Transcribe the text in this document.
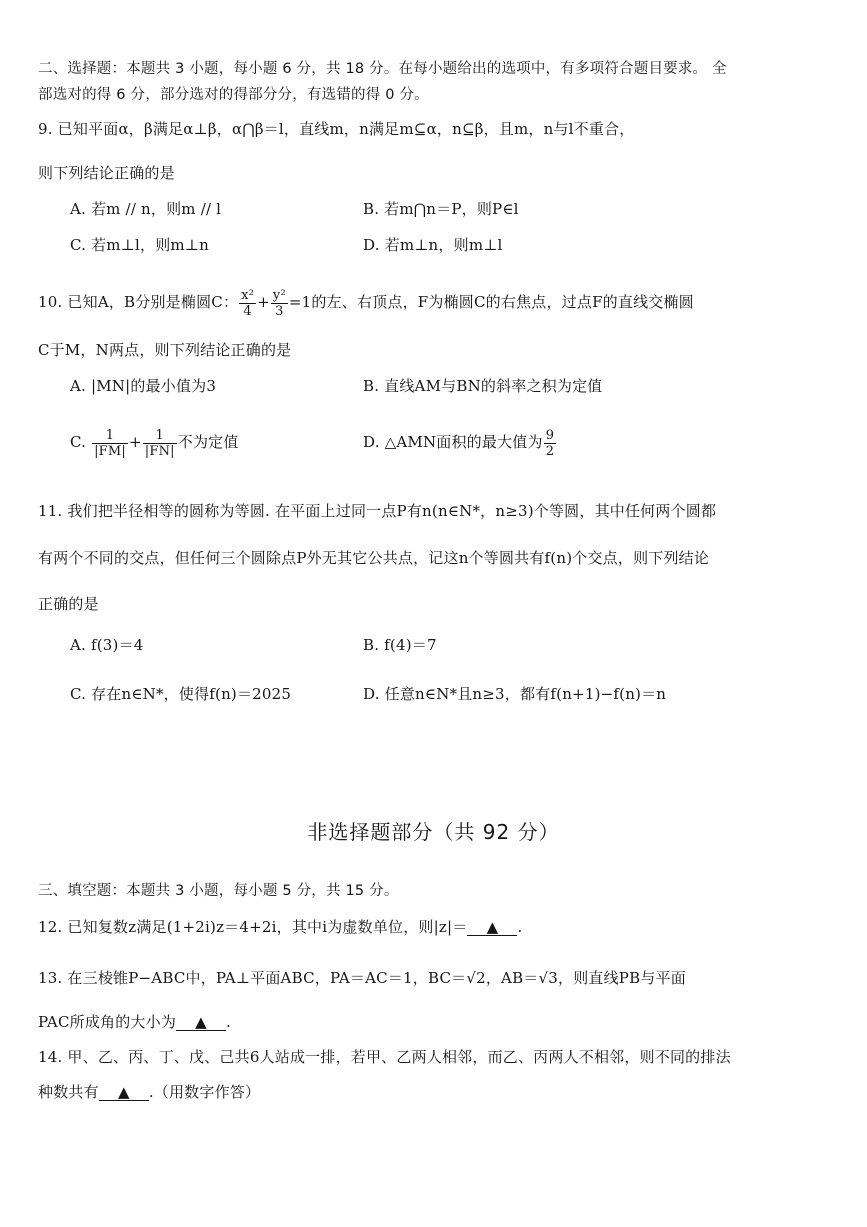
二、选择题：本题共 3 小题，每小题 6 分，共 18 分。在每小题给出的选项中，有多项符合题目要求。 全
部选对的得 6 分，部分选对的得部分分，有选错的得 0 分。
9. 已知平面α，β满足α⊥β，α⋂β＝l，直线m，n满足m⊆α，n⊆β，且m，n与l不重合，
则下列结论正确的是
A. 若m // n，则m // l	B. 若m⋂n＝P，则P∈l
C. 若m⊥l，则m⊥n	D. 若m⊥n，则m⊥l
10. 已知A，B分别是椭圆C： $\frac{\text{x²}}{4} + \frac{\text{y²}}{3} =1$的左、右顶点，F为椭圆C的右焦点，过点F的直线交椭圆
C于M，N两点，则下列结论正确的是
A. |MN|的最小值为3	B. 直线AM与BN的斜率之积为定值
C. $\frac{1}{|FM|} + \frac{1}{|FN|}$ 不为定值	D. △AMN面积的最大值为 $\frac{9}{2}$
11. 我们把半径相等的圆称为等圆. 在平面上过同一点P有n(n∈N*，n≥3)个等圆，其中任何两个圆都
有两个不同的交点，但任何三个圆除点P外无其它公共点，记这n个等圆共有f(n)个交点，则下列结论
正确的是
A. f(3)＝4	B. f(4)＝7
C. 存在n∈N*，使得f(n)＝2025	D. 任意n∈N*且n≥3，都有f(n+1)−f(n)＝n
非选择题部分（共 92 分）
三、填空题：本题共 3 小题，每小题 5 分，共 15 分。
12. 已知复数z满足(1+2i)z＝4+2i，其中i为虚数单位，则|z|＝ ▲ .
13. 在三棱锥P−ABC中，PA⊥平面ABC，PA＝AC＝1，BC＝√2，AB＝√3，则直线PB与平面
PAC所成角的大小为 ▲ .
14. 甲、乙、丙、丁、戊、己共6人站成一排，若甲、乙两人相邻，而乙、丙两人不相邻，则不同的排法
种数共有 ▲ .（用数字作答）
